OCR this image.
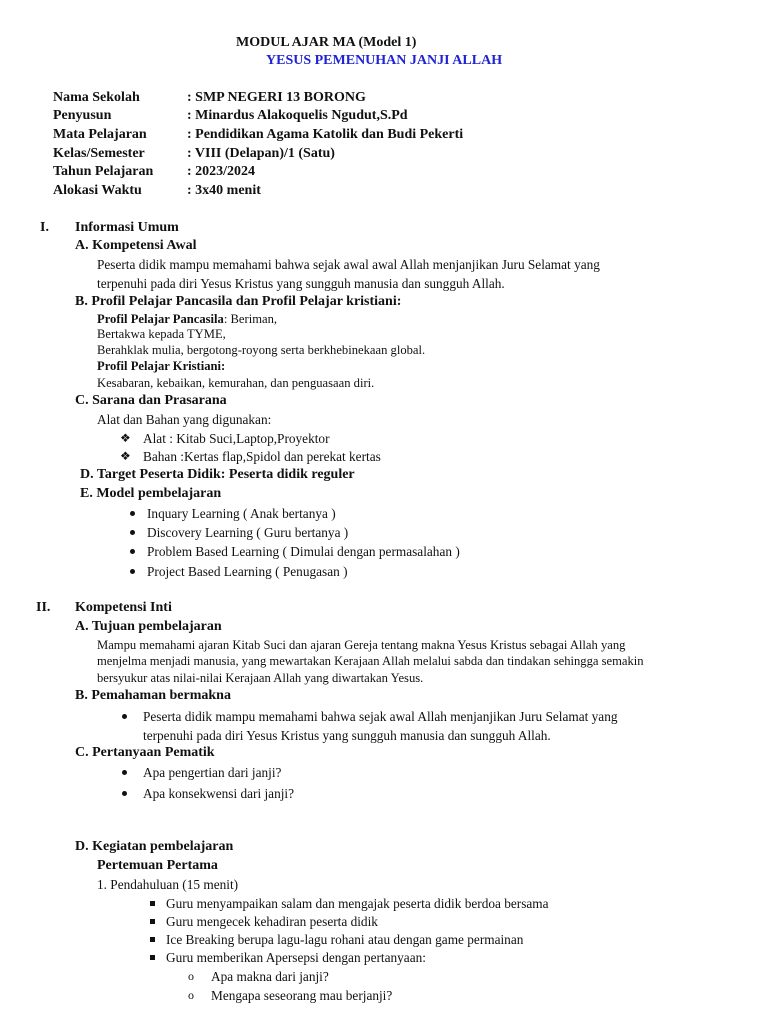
MODUL AJAR MA (Model 1)
YESUS PEMENUHAN JANJI ALLAH
Nama Sekolah	: SMP NEGERI 13 BORONG
Penyusun	: Minardus Alakoquelis Ngudut,S.Pd
Mata Pelajaran	: Pendidikan Agama Katolik dan Budi Pekerti
Kelas/Semester	: VIII (Delapan)/1 (Satu)
Tahun Pelajaran : 2023/2024
Alokasi Waktu	: 3x40 menit
I. Informasi Umum
A. Kompetensi Awal
Peserta didik mampu memahami bahwa sejak awal awal Allah menjanjikan Juru Selamat yang
terpenuhi pada diri Yesus Kristus yang sungguh manusia dan sungguh Allah.
B. Profil Pelajar Pancasila dan Profil Pelajar kristiani:
Profil Pelajar Pancasila: Beriman,
Bertakwa kepada TYME,
Berahklak mulia, bergotong-royong serta berkhebinekaan global.
Profil Pelajar Kristiani:
Kesabaran, kebaikan, kemurahan, dan penguasaan diri.
C. Sarana dan Prasarana
Alat dan Bahan yang digunakan:
❖ Alat : Kitab Suci,Laptop,Proyektor
❖ Bahan :Kertas flap,Spidol dan perekat kertas
D. Target Peserta Didik: Peserta didik reguler
E. Model pembelajaran
Inquary Learning ( Anak bertanya )
Discovery Learning ( Guru bertanya )
Problem Based Learning ( Dimulai dengan permasalahan )
Project Based Learning ( Penugasan )
II. Kompetensi Inti
A. Tujuan pembelajaran
Mampu memahami ajaran Kitab Suci dan ajaran Gereja tentang makna Yesus Kristus sebagai Allah yang
menjelma menjadi manusia, yang mewartakan Kerajaan Allah melalui sabda dan tindakan sehingga semakin
bersyukur atas nilai-nilai Kerajaan Allah yang diwartakan Yesus.
B. Pemahaman bermakna
Peserta didik mampu memahami bahwa sejak awal Allah menjanjikan Juru Selamat yang
terpenuhi pada diri Yesus Kristus yang sungguh manusia dan sungguh Allah.
C. Pertanyaan Pematik
Apa pengertian dari janji?
Apa konsekwensi dari janji?
D. Kegiatan pembelajaran
Pertemuan Pertama
1. Pendahuluan (15 menit)
Guru menyampaikan salam dan mengajak peserta didik berdoa bersama
Guru mengecek kehadiran peserta didik
Ice Breaking berupa lagu-lagu rohani atau dengan game permainan
Guru memberikan Apersepsi dengan pertanyaan:
o Apa makna dari janji?
o Mengapa seseorang mau berjanji?
